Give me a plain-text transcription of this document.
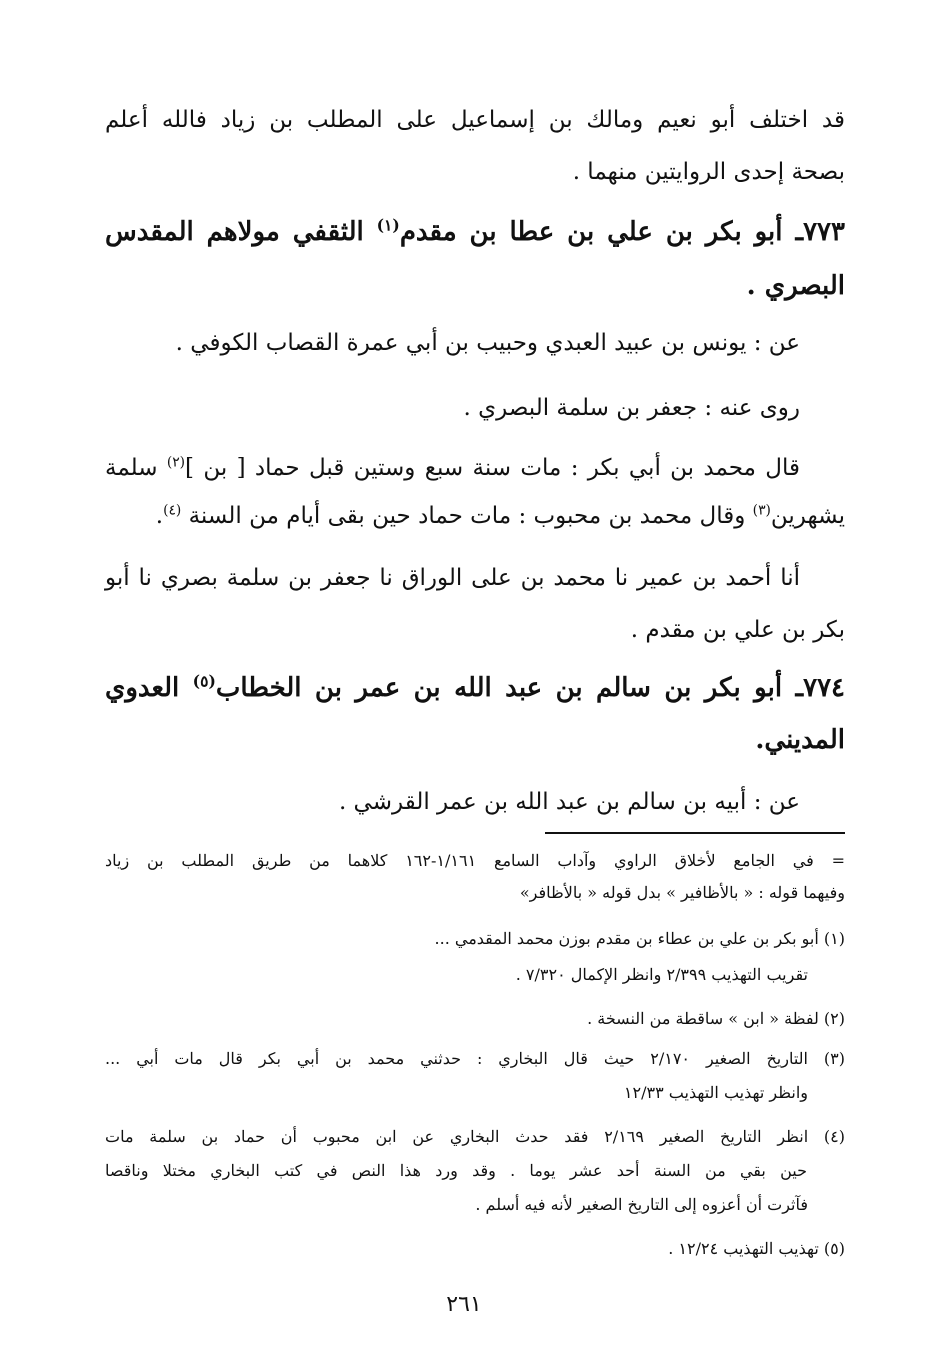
قد اختلف أبو نعيم ومالك بن إسماعيل على المطلب بن زياد فالله أعلم
بصحة إحدى الروايتين منهما .
٧٧٣ـ أبو بكر بن علي بن عطا بن مقدم$^{(١)}$ الثقفي مولاهم المقدس
البصري .
عن : يونس بن عبيد العبدي وحبيب بن أبي عمرة القصاب الكوفي .
روى عنه : جعفر بن سلمة البصري .
قال محمد بن أبي بكر : مات سنة سبع وستين قبل حماد [ بن ]$^{(٢)}$ سلمة
يشهرين$^{(٣)}$ وقال محمد بن محبوب : مات حماد حين بقى أيام من السنة $^{(٤)}$.
أنا أحمد بن عمير نا محمد بن على الوراق نا جعفر بن سلمة بصري نا أبو
بكر بن علي بن مقدم .
٧٧٤ـ أبو بكر بن سالم بن عبد الله بن عمر بن الخطاب$^{(٥)}$ العدوي
المديني.
عن : أبيه بن سالم بن عبد الله بن عمر القرشي .
= في الجامع لأخلاق الراوي وآداب السامع ١/١٦١-١٦٢ كلاهما من طريق المطلب بن زياد
وفيهما قوله : « بالأظافير » بدل قوله « بالأظافر»
(١) أبو بكر بن علي بن عطاء بن مقدم بوزن محمد المقدمي ...
تقريب التهذيب ٢/٣٩٩ وانظر الإكمال ٧/٣٢٠ .
(٢) لفظة « ابن » ساقطة من النسخة .
(٣) التاريخ الصغير ٢/١٧٠ حيث قال البخاري : حدثني محمد بن أبي بكر قال مات أبي ...
وانظر تهذيب التهذيب ١٢/٣٣
(٤) انظر التاريخ الصغير ٢/١٦٩ فقد حدث البخاري عن ابن محبوب أن حماد بن سلمة مات
حين بقي من السنة أحد عشر يوما . وقد ورد هذا النص في كتب البخاري مختلا وناقصا
فآثرت أن أعزوه إلى التاريخ الصغير لأنه فيه أسلم .
(٥) تهذيب التهذيب ١٢/٢٤ .
٢٦١
